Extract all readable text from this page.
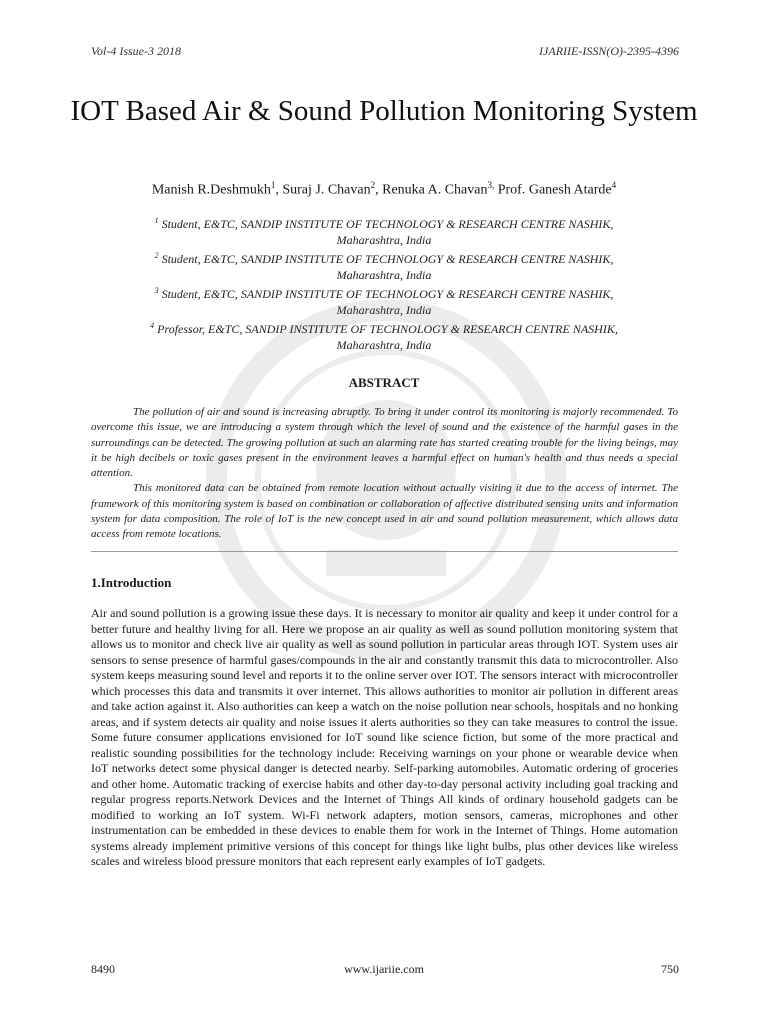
Vol-4 Issue-3 2018	IJARIIE-ISSN(O)-2395-4396
IOT Based Air & Sound Pollution Monitoring System
Manish R.Deshmukh$^1$, Suraj J. Chavan$^2$, Renuka A. Chavan$^{3,}$ Prof. Ganesh Atarde$^4$
$^1$ Student, E&TC, SANDIP INSTITUTE OF TECHNOLOGY & RESEARCH CENTRE NASHIK,
Maharashtra, India
$^2$ Student, E&TC, SANDIP INSTITUTE OF TECHNOLOGY & RESEARCH CENTRE NASHIK,
Maharashtra, India
$^3$ Student, E&TC, SANDIP INSTITUTE OF TECHNOLOGY & RESEARCH CENTRE NASHIK,
Maharashtra, India
$^4$ Professor, E&TC, SANDIP INSTITUTE OF TECHNOLOGY & RESEARCH CENTRE NASHIK,
Maharashtra, India
ABSTRACT

The pollution of air and sound is increasing abruptly. To bring it under control its monitoring is majorly recommended. To overcome this issue, we are introducing a system through which the level of sound and the existence of the harmful gases in the surroundings can be detected. The growing pollution at such an alarming rate has started creating trouble for the living beings, may it be high decibels or toxic gases present in the environment leaves a harmful effect on human's health and thus needs a special attention.

This monitored data can be obtained from remote location without actually visiting it due to the access of internet. The framework of this monitoring system is based on combination or collaboration of affective distributed sensing units and information system for data composition. The role of IoT is the new concept used in air and sound pollution measurement, which allows data access from remote locations.

1.Introduction

Air and sound pollution is a growing issue these days. It is necessary to monitor air quality and keep it under control for a better future and healthy living for all. Here we propose an air quality as well as sound pollution monitoring system that allows us to monitor and check live air quality as well as sound pollution in particular areas through IOT. System uses air sensors to sense presence of harmful gases/compounds in the air and constantly transmit this data to microcontroller. Also system keeps measuring sound level and reports it to the online server over IOT. The sensors interact with microcontroller which processes this data and transmits it over internet. This allows authorities to monitor air pollution in different areas and take action against it. Also authorities can keep a watch on the noise pollution near schools, hospitals and no honking areas, and if system detects air quality and noise issues it alerts authorities so they can take measures to control the issue. Some future consumer applications envisioned for IoT sound like science fiction, but some of the more practical and realistic sounding possibilities for the technology include: Receiving warnings on your phone or wearable device when IoT networks detect some physical danger is detected nearby. Self-parking automobiles. Automatic ordering of groceries and other home. Automatic tracking of exercise habits and other day-to-day personal activity including goal tracking and regular progress reports.Network Devices and the Internet of Things All kinds of ordinary household gadgets can be modified to working an IoT system. Wi-Fi network adapters, motion sensors, cameras, microphones and other instrumentation can be embedded in these devices to enable them for work in the Internet of Things. Home automation systems already implement primitive versions of this concept for things like light bulbs, plus other devices like wireless scales and wireless blood pressure monitors that each represent early examples of IoT gadgets.

8490	www.ijariie.com	750
